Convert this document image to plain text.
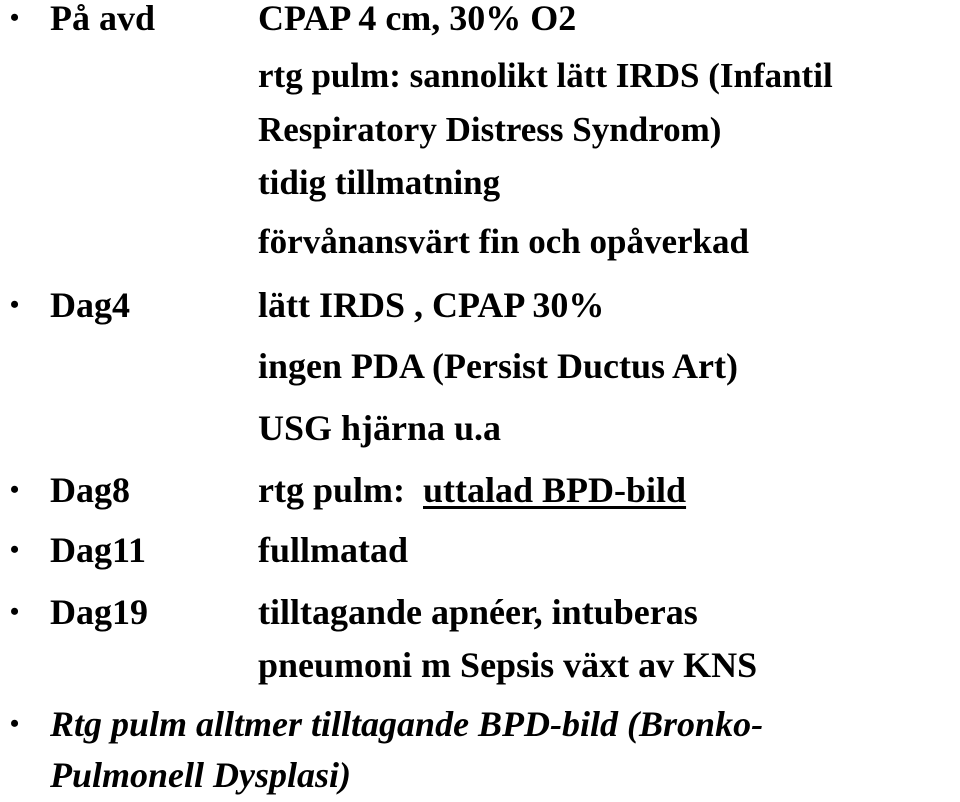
• På avd	CPAP 4 cm, 30% O2
rtg pulm: sannolikt lätt IRDS (Infantil
Respiratory Distress Syndrom)
tidig tillmatning
förvånansvärt fin och opåverkad
• Dag4	lätt IRDS , CPAP 30%
ingen PDA (Persist Ductus Art)
USG hjärna u.a
• Dag8	rtg pulm: uttalad BPD-bild
• Dag11	fullmatad
• Dag19	tilltagande apnéer, intuberas
pneumoni m Sepsis växt av KNS
• Rtg pulm alltmer tilltagande BPD-bild (Bronko-
Pulmonell Dysplasi)
